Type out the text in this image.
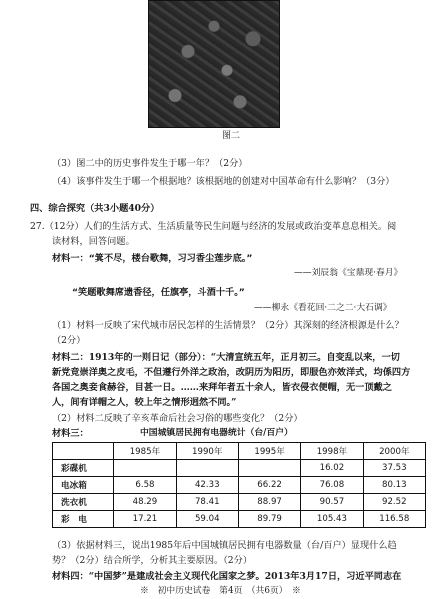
图二
（3）图二中的历史事件发生于哪一年？（2分）
（4）该事件发生于哪一个根据地？该根据地的创建对中国革命有什么影响？（3分）
四、综合探究（共3小题40分）
27.（12分）人们的生活方式、生活质量等民生问题与经济的发展或政治变革息息相关。阅
读材料，回答问题。
材料一：“箕不尽，楼台歌舞，习习香尘莲步底。”
——刘辰翁《宝鼎现·春月》
“笑题歌舞席遗香径，任旗亭，斗酒十千。”
——柳永《看花回·二之二·大石调》
（1）材料一反映了宋代城市居民怎样的生活情景？（2分）其深刻的经济根源是什么？
（2分）
材料二：1913年的一则日记（部分）：“大清宣统五年，正月初三。自变乱以来，一切
新党竞崇洋奥之皮毛，不但遵行外洋之政治，改阴历为阳历，即服色亦效洋式，均係四方
各国之奥妾食赫谷，目甚一日。……来拜年者五十余人，皆衣侵衣便帽，无一顶戴之
人，间有详帽之人，较上年之情形迥然不同。”
（2）材料二反映了辛亥革命后社会习俗的哪些变化？（2分）
材料三：
	1985年	1990年	1995年	1998年	2000年
彩碟机				16.02	37.53
电冰箱	6.58	42.33	66.22	76.08	80.13
洗衣机	48.29	78.41	88.97	90.57	92.52
彩　电	17.21	59.04	89.79	105.43	116.58
中国城镇居民拥有电器统计（台/百户）
（3）依据材料三，说出1985年后中国城镇居民拥有电器数量（台/百户）显现什么趋
势？（2分）结合所学，分析其主要原因。（2分）
材料四：“中国梦”是建成社会主义现代化国家之梦。2013年3月17日，习近平同志在
※　初中历史试卷　第4页　（共6页）　※
